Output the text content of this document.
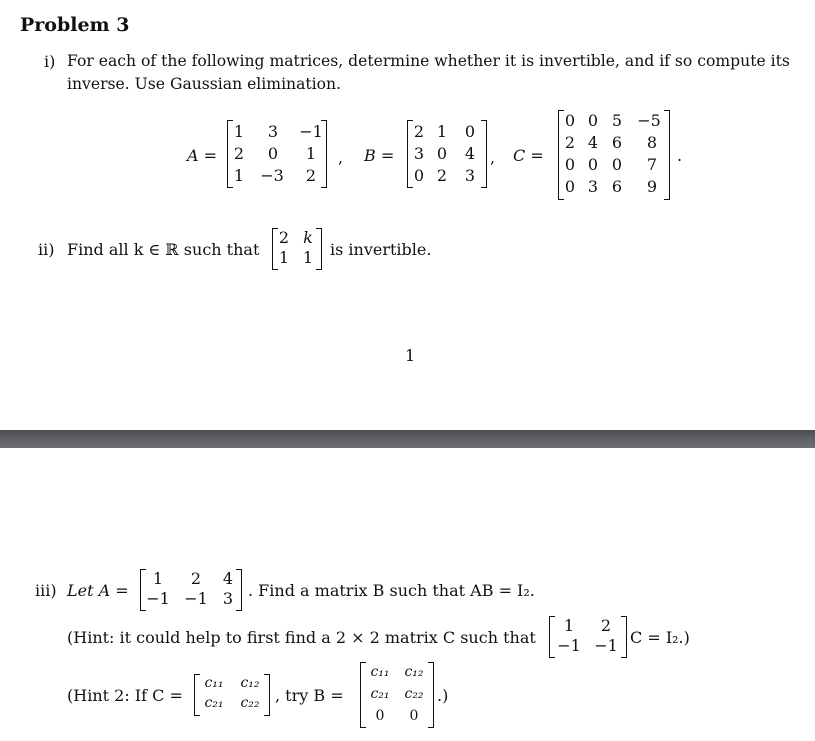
Problem 3
i) For each of the following matrices, determine whether it is invertible, and if so compute its
inverse. Use Gaussian elimination.
A =
1 3 −1
2 0	1
1 −3	2
, B =
2 1 0
3 0 4
0 2 3
, C =
0 0 5 −5
2 4 6	8
0 0 0	7
0 3 6	9
.
ii) Find all k ∈ ℝ such that
2 k
1 1 is invertible.
1
iii) Let A =
1	2	4
−1 −1 3 . Find a matrix B such that AB = I₂.
(Hint: it could help to first find a 2 × 2 matrix C such that
1	2
−1 −1 C = I₂.)
(Hint 2: If C =
c₁₁	c₁₂
c₂₁	c₂₂ , try B =
c₁₁	c₁₂
c₂₁	c₂₂
0	0
.)
